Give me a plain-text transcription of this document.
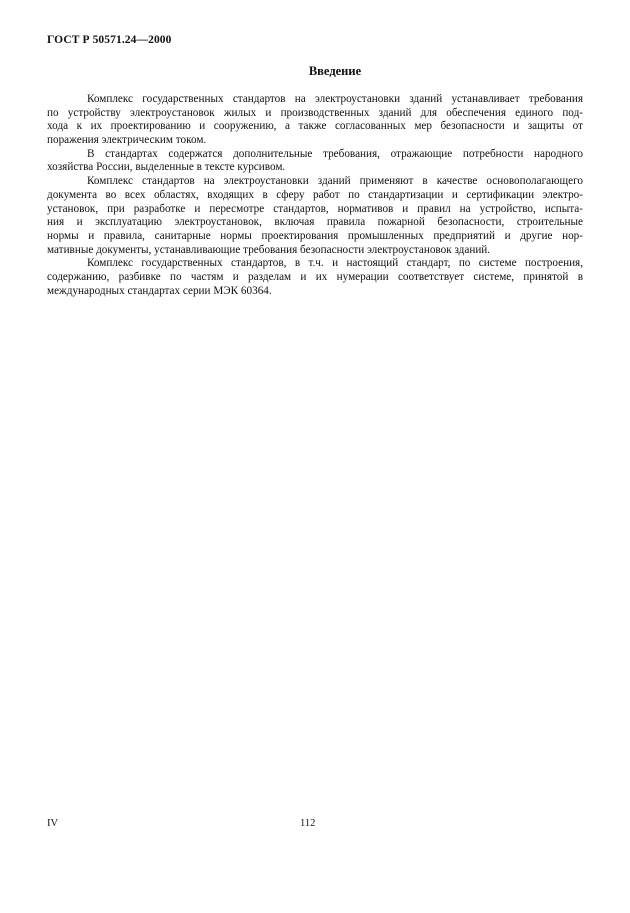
ГОСТ Р 50571.24—2000
Введение
Комплекс государственных стандартов на электроустановки зданий устанавливает требования
по устройству электроустановок жилых и производственных зданий для обеспечения единого под-
хода к их проектированию и сооружению, а также согласованных мер безопасности и защиты от
поражения электрическим током.
В стандартах содержатся дополнительные требования, отражающие потребности народного
хозяйства России, выделенные в тексте курсивом.
Комплекс стандартов на электроустановки зданий применяют в качестве основополагающего
документа во всех областях, входящих в сферу работ по стандартизации и сертификации электро-
установок, при разработке и пересмотре стандартов, нормативов и правил на устройство, испыта-
ния и эксплуатацию электроустановок, включая правила пожарной безопасности, строительные
нормы и правила, санитарные нормы проектирования промышленных предприятий и другие нор-
мативные документы, устанавливающие требования безопасности электроустановок зданий.
Комплекс государственных стандартов, в т.ч. и настоящий стандарт, по системе построения,
содержанию, разбивке по частям и разделам и их нумерации соответствует системе, принятой в
международных стандартах серии МЭК 60364.
IV	112
